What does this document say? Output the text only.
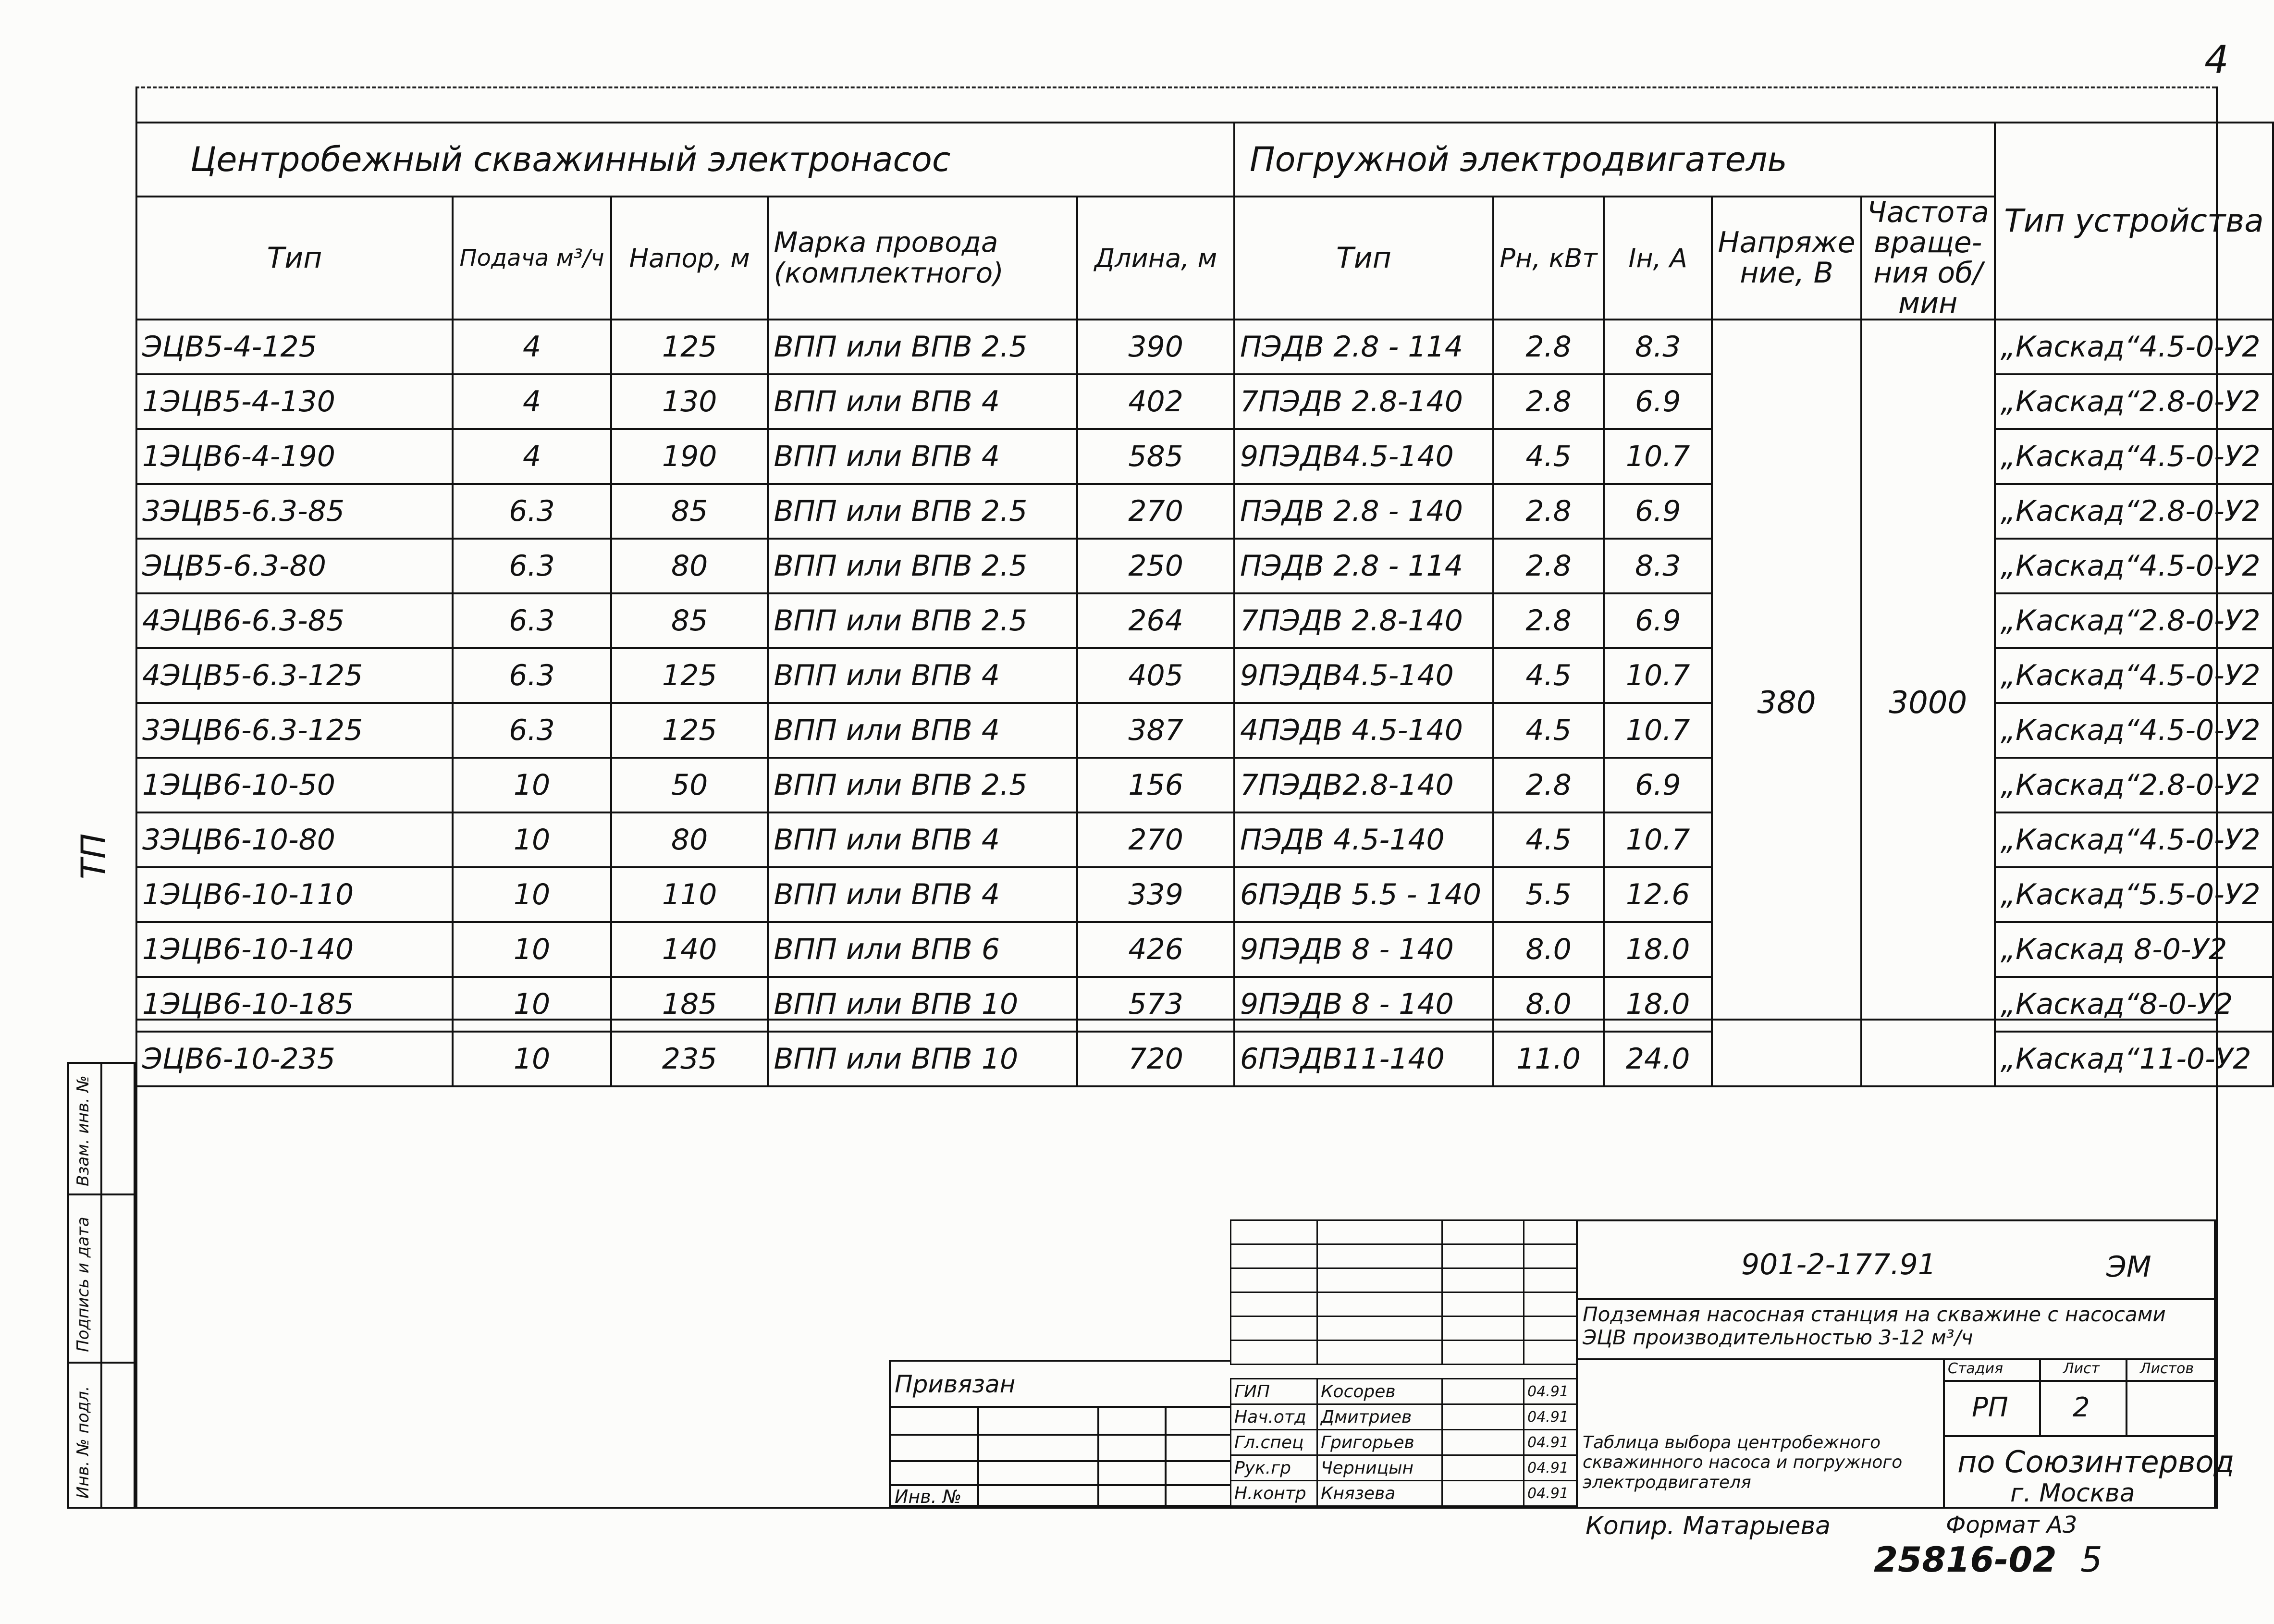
4
ТП
Взам. инв. №
Подпись и дата
Инв. № подл.
Центробежный скважинный электронасос					Погружной электродвигатель					Тип устройства
Тип	Подача м³/ч	Напор, м	Марка провода (комплектного)	Длина, м	Тип	Рн, кВт	Iн, А	Напряже ние, В	Частота враще- ния об/мин	
ЭЦВ5-4-125	4	125	ВПП или ВПВ 2.5	390	ПЭДВ 2.8 - 114	2.8	8.3	380	3000	„Каскад“4.5-0-У2
1ЭЦВ5-4-130	4	130	ВПП или ВПВ 4	402	7ПЭДВ 2.8-140	2.8	6.9			„Каскад“2.8-0-У2
1ЭЦВ6-4-190	4	190	ВПП или ВПВ 4	585	9ПЭДВ4.5-140	4.5	10.7			„Каскад“4.5-0-У2
3ЭЦВ5-6.3-85	6.3	85	ВПП или ВПВ 2.5	270	ПЭДВ 2.8 - 140	2.8	6.9			„Каскад“2.8-0-У2
ЭЦВ5-6.3-80	6.3	80	ВПП или ВПВ 2.5	250	ПЭДВ 2.8 - 114	2.8	8.3			„Каскад“4.5-0-У2
4ЭЦВ6-6.3-85	6.3	85	ВПП или ВПВ 2.5	264	7ПЭДВ 2.8-140	2.8	6.9			„Каскад“2.8-0-У2
4ЭЦВ5-6.3-125	6.3	125	ВПП или ВПВ 4	405	9ПЭДВ4.5-140	4.5	10.7			„Каскад“4.5-0-У2
3ЭЦВ6-6.3-125	6.3	125	ВПП или ВПВ 4	387	4ПЭДВ 4.5-140	4.5	10.7			„Каскад“4.5-0-У2
1ЭЦВ6-10-50	10	50	ВПП или ВПВ 2.5	156	7ПЭДВ2.8-140	2.8	6.9			„Каскад“2.8-0-У2
3ЭЦВ6-10-80	10	80	ВПП или ВПВ 4	270	ПЭДВ 4.5-140	4.5	10.7			„Каскад“4.5-0-У2
1ЭЦВ6-10-110	10	110	ВПП или ВПВ 4	339	6ПЭДВ 5.5 - 140	5.5	12.6			„Каскад“5.5-0-У2
1ЭЦВ6-10-140	10	140	ВПП или ВПВ 6	426	9ПЭДВ 8 - 140	8.0	18.0			„Каскад 8-0-У2
1ЭЦВ6-10-185	10	185	ВПП или ВПВ 10	573	9ПЭДВ 8 - 140	8.0	18.0			„Каскад“8-0-У2
ЭЦВ6-10-235	10	235	ВПП или ВПВ 10	720	6ПЭДВ11-140	11.0	24.0			„Каскад“11-0-У2

ГИП	Косорев		04.91
Нач.отд	Дмитриев		04.91
Гл.спец	Григорьев		04.91
Рук.гр	Черницын		04.91
Н.контр	Князева		04.91
901-2-177.91	ЭМ
Подземная насосная станция на скважине с насосами ЭЦВ производительностью 3-12 м³/ч
Стадия	Лист	Листов
РП 2
Таблица выбора центробежного скважинного насоса и погружного электродвигателя
по Союзинтервод
г. Москва
Привязан
Инв. №
Копир. Матарыева	Формат А3
25816-02 5
